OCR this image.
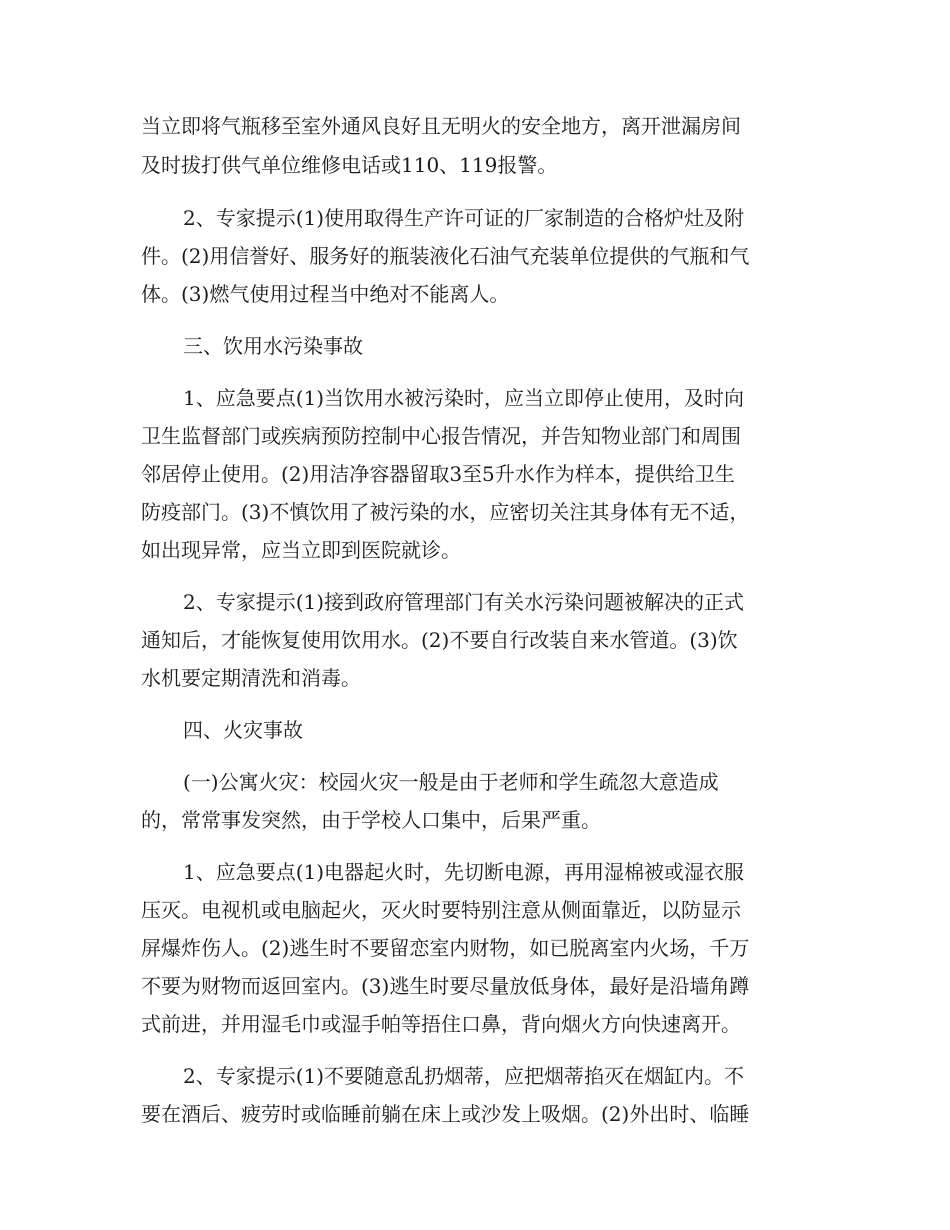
当立即将气瓶移至室外通风良好且无明火的安全地方，离开泄漏房间
及时拔打供气单位维修电话或110、119报警。
2、专家提示(1)使用取得生产许可证的厂家制造的合格炉灶及附
件。(2)用信誉好、服务好的瓶装液化石油气充装单位提供的气瓶和气
体。(3)燃气使用过程当中绝对不能离人。
三、饮用水污染事故
1、应急要点(1)当饮用水被污染时，应当立即停止使用，及时向
卫生监督部门或疾病预防控制中心报告情况，并告知物业部门和周围
邻居停止使用。(2)用洁净容器留取3至5升水作为样本，提供给卫生
防疫部门。(3)不慎饮用了被污染的水，应密切关注其身体有无不适，
如出现异常，应当立即到医院就诊。
2、专家提示(1)接到政府管理部门有关水污染问题被解决的正式
通知后，才能恢复使用饮用水。(2)不要自行改装自来水管道。(3)饮
水机要定期清洗和消毒。
四、火灾事故
(一)公寓火灾：校园火灾一般是由于老师和学生疏忽大意造成
的，常常事发突然，由于学校人口集中，后果严重。
1、应急要点(1)电器起火时，先切断电源，再用湿棉被或湿衣服
压灭。电视机或电脑起火，灭火时要特别注意从侧面靠近，以防显示
屏爆炸伤人。(2)逃生时不要留恋室内财物，如已脱离室内火场，千万
不要为财物而返回室内。(3)逃生时要尽量放低身体，最好是沿墙角蹲
式前进，并用湿毛巾或湿手帕等捂住口鼻，背向烟火方向快速离开。
2、专家提示(1)不要随意乱扔烟蒂，应把烟蒂掐灭在烟缸内。不
要在酒后、疲劳时或临睡前躺在床上或沙发上吸烟。(2)外出时、临睡
